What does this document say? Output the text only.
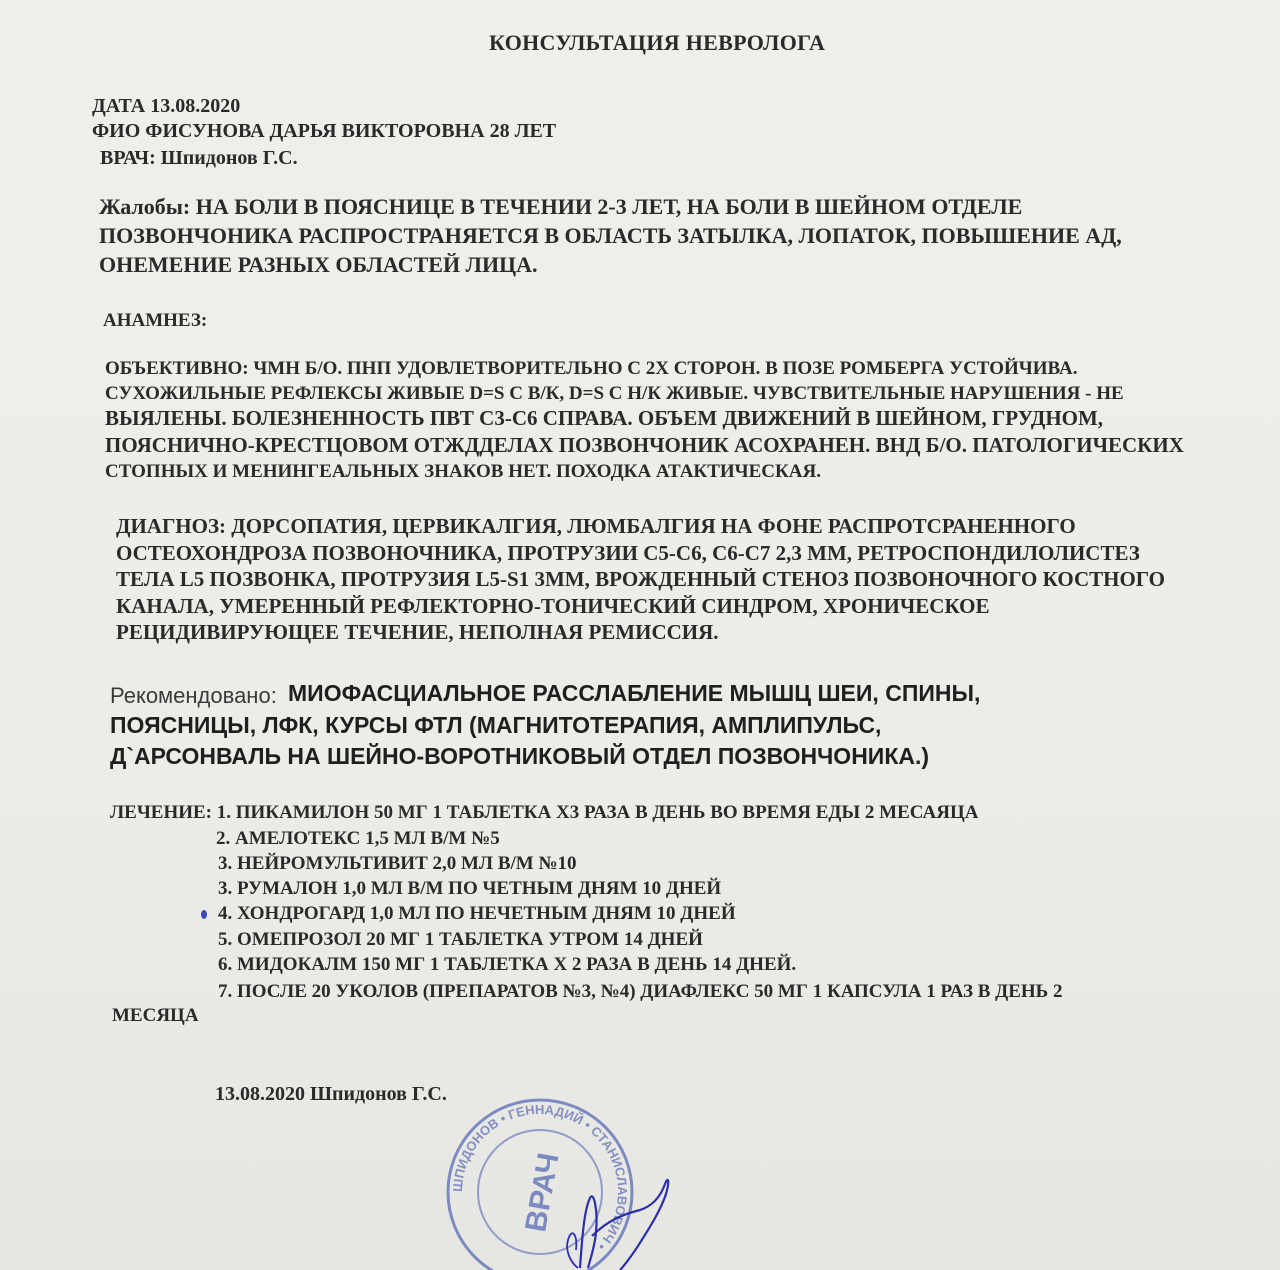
КОНСУЛЬТАЦИЯ НЕВРОЛОГА
ДАТА 13.08.2020
ФИО ФИСУНОВА ДАРЬЯ ВИКТОРОВНА 28 ЛЕТ
ВРАЧ: Шпидонов Г.С.
Жалобы: НА БОЛИ В ПОЯСНИЦЕ В ТЕЧЕНИИ 2-3 ЛЕТ, НА БОЛИ В ШЕЙНОМ ОТДЕЛЕ
ПОЗВОНЧОНИКА РАСПРОСТРАНЯЕТСЯ В ОБЛАСТЬ ЗАТЫЛКА, ЛОПАТОК, ПОВЫШЕНИЕ АД,
ОНЕМЕНИЕ РАЗНЫХ ОБЛАСТЕЙ ЛИЦА.
АНАМНЕЗ:
ОБЪЕКТИВНО: ЧМН Б/О. ПНП УДОВЛЕТВОРИТЕЛЬНО С 2Х СТОРОН. В ПОЗЕ РОМБЕРГА УСТОЙЧИВА.
СУХОЖИЛЬНЫЕ РЕФЛЕКСЫ ЖИВЫЕ D=S С В/К, D=S С Н/К ЖИВЫЕ. ЧУВСТВИТЕЛЬНЫЕ НАРУШЕНИЯ - НЕ
ВЫЯЛЕНЫ. БОЛЕЗНЕННОСТЬ ПВТ С3-С6 СПРАВА. ОБЪЕМ ДВИЖЕНИЙ В ШЕЙНОМ, ГРУДНОМ,
ПОЯСНИЧНО-КРЕСТЦОВОМ ОТЖДДЕЛАХ ПОЗВОНЧОНИК АСОХРАНЕН. ВНД Б/О. ПАТОЛОГИЧЕСКИХ
СТОПНЫХ И МЕНИНГЕАЛЬНЫХ ЗНАКОВ НЕТ. ПОХОДКА АТАКТИЧЕСКАЯ.
ДИАГНОЗ: ДОРСОПАТИЯ, ЦЕРВИКАЛГИЯ, ЛЮМБАЛГИЯ НА ФОНЕ РАСПРОТСРАНЕННОГО
ОСТЕОХОНДРОЗА ПОЗВОНОЧНИКА, ПРОТРУЗИИ С5-С6, С6-С7 2,3 ММ, РЕТРОСПОНДИЛОЛИСТЕЗ
ТЕЛА L5 ПОЗВОНКА, ПРОТРУЗИЯ L5-S1 3ММ, ВРОЖДЕННЫЙ СТЕНОЗ ПОЗВОНОЧНОГО КОСТНОГО
КАНАЛА, УМЕРЕННЫЙ РЕФЛЕКТОРНО-ТОНИЧЕСКИЙ СИНДРОМ, ХРОНИЧЕСКОЕ
РЕЦИДИВИРУЮЩЕЕ ТЕЧЕНИЕ, НЕПОЛНАЯ РЕМИССИЯ.
Рекомендовано: МИОФАСЦИАЛЬНОЕ РАССЛАБЛЕНИЕ МЫШЦ ШЕИ, СПИНЫ,
ПОЯСНИЦЫ, ЛФК, КУРСЫ ФТЛ (МАГНИТОТЕРАПИЯ, АМПЛИПУЛЬС,
Д`АРСОНВАЛЬ НА ШЕЙНО-ВОРОТНИКОВЫЙ ОТДЕЛ ПОЗВОНЧОНИКА.)
ЛЕЧЕНИЕ: 1. ПИКАМИЛОН 50 МГ 1 ТАБЛЕТКА Х3 РАЗА В ДЕНЬ ВО ВРЕМЯ ЕДЫ 2 МЕСАЯЦА
2. АМЕЛОТЕКС 1,5 МЛ В/М №5
3. НЕЙРОМУЛЬТИВИТ 2,0 МЛ В/М №10
3. РУМАЛОН 1,0 МЛ В/М ПО ЧЕТНЫМ ДНЯМ 10 ДНЕЙ
4. ХОНДРОГАРД 1,0 МЛ ПО НЕЧЕТНЫМ ДНЯМ 10 ДНЕЙ
5. ОМЕПРОЗОЛ 20 МГ 1 ТАБЛЕТКА УТРОМ 14 ДНЕЙ
6. МИДОКАЛМ 150 МГ 1 ТАБЛЕТКА Х 2 РАЗА В ДЕНЬ 14 ДНЕЙ.
7. ПОСЛЕ 20 УКОЛОВ (ПРЕПАРАТОВ №3, №4) ДИАФЛЕКС 50 МГ 1 КАПСУЛА 1 РАЗ В ДЕНЬ 2
МЕСЯЦА
13.08.2020 Шпидонов Г.С.
ШПИДОНОВ • ГЕННАДИЙ • СТАНИСЛАВОВИЧ •
ВРАЧ
